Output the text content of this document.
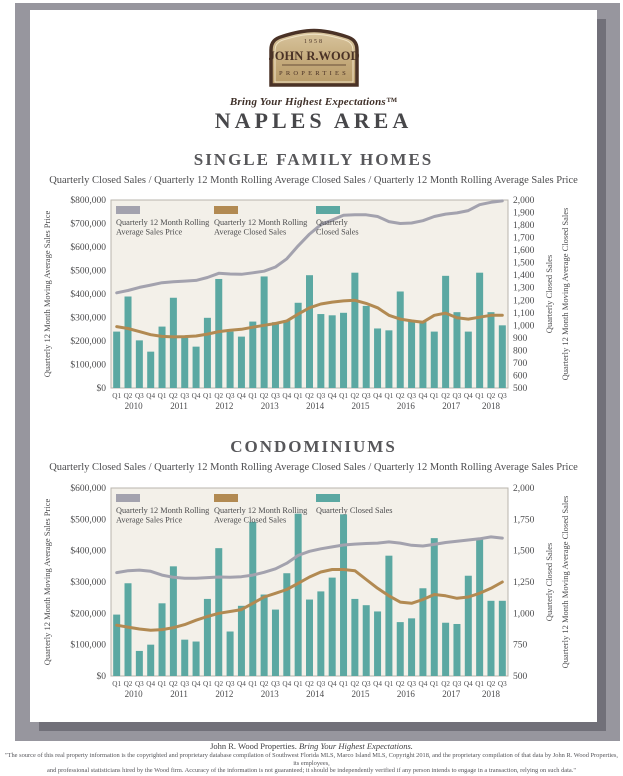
1958
JOHN R.WOOD
PROPERTIES
Bring Your Highest Expectations™
NAPLES AREA
SINGLE FAMILY HOMES
Quarterly Closed Sales / Quarterly 12 Month Rolling Average Closed Sales / Quarterly 12 Month Rolling Average Sales Price
$800,000
$700,000
$600,000
$500,000
$400,000
$300,000
$200,000
$100,000
$0
2,000
1,900
1,800
1,700
1,600
1,500
1,400
1,300
1,200
1,100
1,000
900
800
700
600
500
Quarterly 12 Month Moving Average Sales Price	Quarterly Closed Sales Quarterly 12 Month Moving Average Closed Sales
Q1 Q2 Q3 Q4 Q1 Q2 Q3 Q4 Q1 Q2 Q3 Q4 Q1 Q2 Q3 Q4 Q1 Q2 Q3 Q4 Q1 Q2 Q3 Q4 Q1 Q2 Q3 Q4 Q1 Q2 Q3 Q4 Q1 Q2 Q3
2010	2011	2012	2013	2014	2015	2016	2017 2018
Quarterly 12 Month Rolling
Average Sales Price
Quarterly 12 Month Rolling
Average Closed Sales
Quarterly
Closed Sales
CONDOMINIUMS
Quarterly Closed Sales / Quarterly 12 Month Rolling Average Closed Sales / Quarterly 12 Month Rolling Average Sales Price
$600,000
$500,000
$400,000
$300,000
$200,000
$100,000
$0
2,000
1,750
1,500
1,250
1,000
750
500
Quarterly 12 Month Moving Average Sales Price	Quarterly Closed Sales Quarterly 12 Month Moving Average Closed Sales
Q1 Q2 Q3 Q4 Q1 Q2 Q3 Q4 Q1 Q2 Q3 Q4 Q1 Q2 Q3 Q4 Q1 Q2 Q3 Q4 Q1 Q2 Q3 Q4 Q1 Q2 Q3 Q4 Q1 Q2 Q3 Q4 Q1 Q2 Q3
2010	2011	2012	2013	2014	2015	2016	2017 2018
Quarterly 12 Month Rolling
Average Sales Price
Quarterly 12 Month Rolling
Average Closed Sales
Quarterly Closed Sales
John R. Wood Properties. Bring Your Highest Expectations.
"The source of this real property information is the copyrighted and proprietary database compilation of Southwest Florida MLS, Marco Island MLS, Copyright 2018, and the proprietary compilation of that data by John R. Wood Properties, its employees,
and professional statisticians hired by the Wood firm. Accuracy of the information is not guaranteed; it should be independently verified if any person intends to engage in a transaction, relying on such data."
